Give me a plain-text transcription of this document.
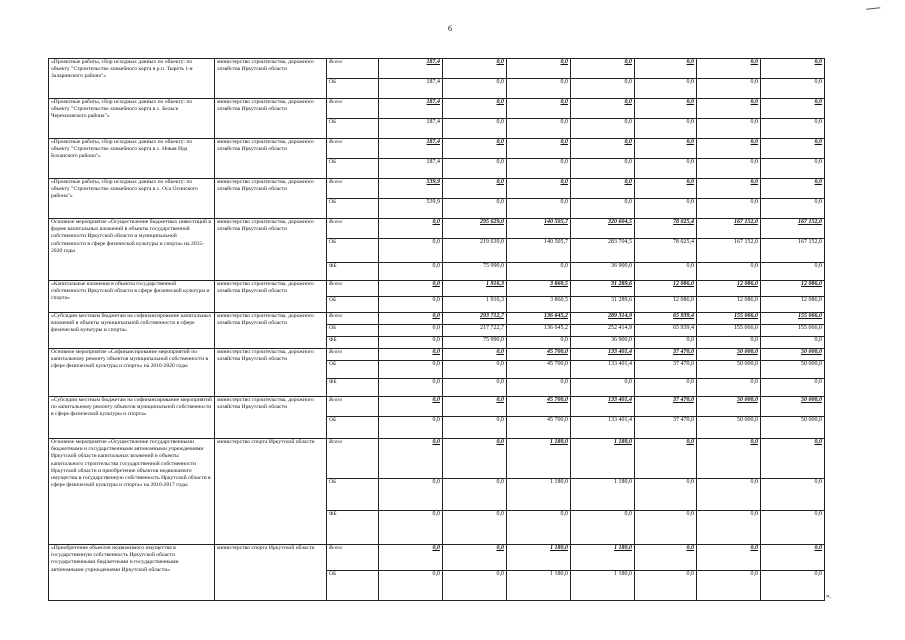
6
«Проектные работы, сбор исходных данных по объекту: по объекту "Строительство хоккейного корта в р.п. Тыреть 1-я Заларинского района"»	министерство строительства, дорожного хозяйства Иркутской области	Всего	187,4	0,0	0,0	0,0	0,0	0,0	0,0
		ОБ	187,4	0,0	0,0	0,0	0,0	0,0	0,0
«Проектные работы, сбор исходных данных по объекту: по объекту "Строительство хоккейного корта в с. Бельск Черемховского района"»	министерство строительства, дорожного хозяйства Иркутской области	Всего	187,4	0,0	0,0	0,0	0,0	0,0	0,0
		ОБ	187,4	0,0	0,0	0,0	0,0	0,0	0,0
«Проектные работы, сбор исходных данных по объекту: по объекту "Строительство хоккейного корта в с. Новая Ида Боханского района"»	министерство строительства, дорожного хозяйства Иркутской области	Всего	187,4	0,0	0,0	0,0	0,0	0,0	0,0
		ОБ	187,4	0,0	0,0	0,0	0,0	0,0	0,0
«Проектные работы, сбор исходных данных по объекту: по объекту "Строительство хоккейного корта в с. Оса Осинского района"»	министерство строительства, дорожного хозяйства Иркутской области	Всего	539,9	0,0	0,0	0,0	0,0	0,0	0,0
		ОБ	539,9	0,0	0,0	0,0	0,0	0,0	0,0
Основное мероприятие «Осуществление бюджетных инвестиций в форме капитальных вложений в объекты государственной собственности Иркутской области и муниципальной собственности в сфере физической культуры и спорта» на 2015-2020 годы	министерство строительства, дорожного хозяйства Иркутской области	Всего	0,0	295 629,0	140 505,7	320 604,5	78 025,4	167 152,0	167 152,0
		ОБ	0,0	219 639,0	140 505,7	283 704,5	78 025,4	167 152,0	167 152,0
		ФБ	0,0	75 990,0	0,0	36 900,0	0,0	0,0	0,0
«Капитальные вложения в объекты государственной собственности Иркутской области в сфере физической культуры и спорта»	министерство строительства, дорожного хозяйства Иркутской области	Всего	0,0	1 916,3	3 860,5	31 289,6	12 086,0	12 086,0	12 086,0
		ОБ	0,0	1 916,3	3 860,5	31 289,6	12 086,0	12 086,0	12 086,0
«Субсидии местным бюджетам на софинансирование капитальных вложений в объекты муниципальной собственности в сфере физической культуры и спорта»	министерство строительства, дорожного хозяйства Иркутской области	Всего	0,0	293 712,7	136 645,2	289 314,9	65 939,4	155 066,0	155 066,0
		ОБ	0,0	217 722,7	136 645,2	252 414,9	65 939,4	155 066,0	155 066,0
		ФБ	0,0	75 990,0	0,0	36 900,0	0,0	0,0	0,0
Основное мероприятие «Софинансирование мероприятий по капитальному ремонту объектов муниципальной собственности в сфере физической культуры и спорта» на 2016-2020 годы	министерство строительства, дорожного хозяйства Иркутской области	Всего	0,0	0,0	45 700,0	133 401,4	37 470,0	50 000,0	50 000,0
		ОБ	0,0	0,0	45 700,0	133 401,4	37 470,0	50 000,0	50 000,0
		ФБ	0,0	0,0	0,0	0,0	0,0	0,0	0,0
«Субсидии местным бюджетам на софинансирование мероприятий по капитальному ремонту объектов муниципальной собственности в сфере физической культуры и спорта»	министерство строительства, дорожного хозяйства Иркутской области	Всего	0,0	0,0	45 700,0	133 401,4	37 470,0	50 000,0	50 000,0
		ОБ	0,0	0,0	45 700,0	133 401,4	37 470,0	50 000,0	50 000,0
Основное мероприятие «Осуществление государственными бюджетными и государственными автономными учреждениями Иркутской области капитальных вложений в объекты капитального строительства государственной собственности Иркутской области и приобретение объектов недвижимого имущества в государственную собственность Иркутской области в сфере физической культуры и спорта» на 2016-2017 годы	министерство спорта Иркутской области	Всего	0,0	0,0	1 180,0	1 180,0	0,0	0,0	0,0
		ОБ	0,0	0,0	1 180,0	1 180,0	0,0	0,0	0,0
		ФБ	0,0	0,0	0,0	0,0	0,0	0,0	0,0
«Приобретение объектов недвижимого имущества в государственную собственность Иркутской области государственными бюджетными и государственными автономными учреждениями Иркутской области»	министерство спорта Иркутской области	Всего	0,0	0,0	1 180,0	1 180,0	0,0	0,0	0,0
		ОБ	0,0	0,0	1 180,0	1 180,0	0,0	0,0	0,0
».
